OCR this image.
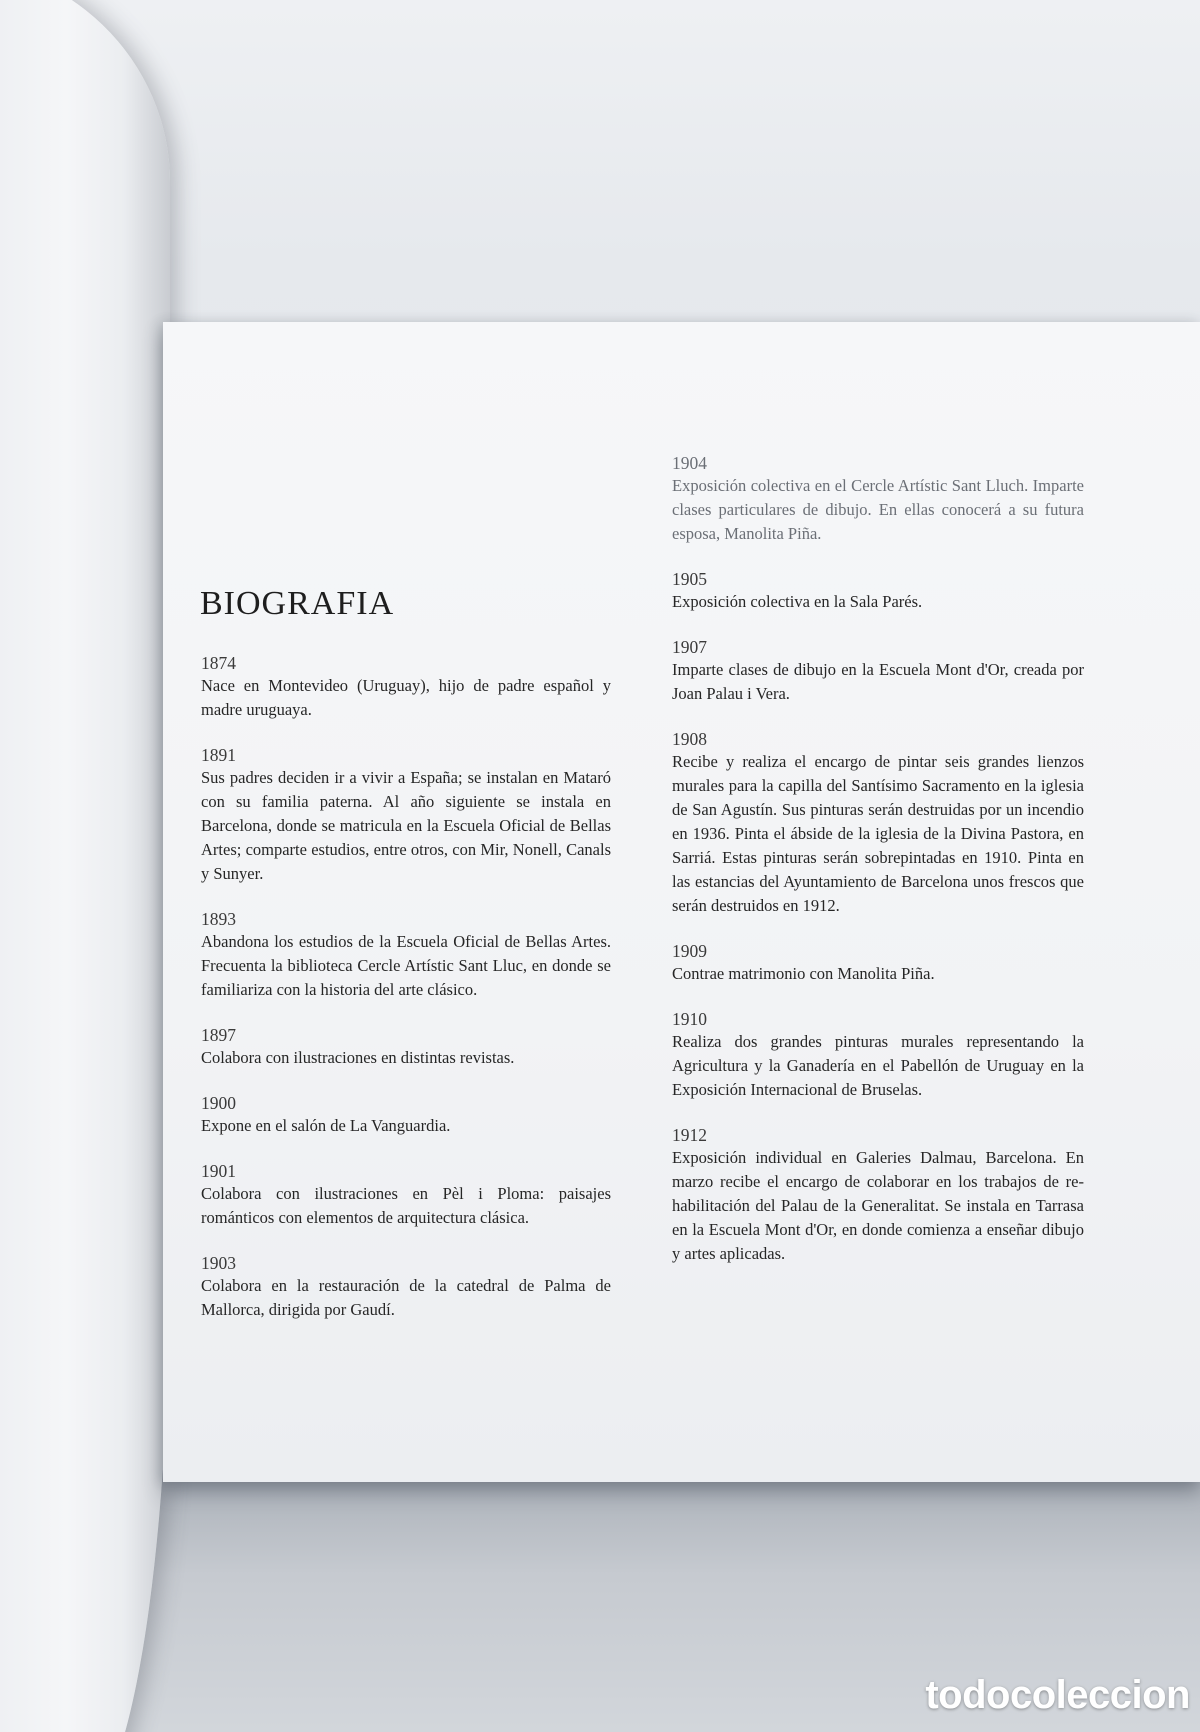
BIOGRAFIA

1874

Nace en Montevideo (Uruguay), hijo de padre español y madre uruguaya.

1891

Sus padres deciden ir a vivir a España; se instalan en Mataró con su familia paterna. Al año siguiente se instala en Barcelona, donde se matricula en la Escuela Oficial de Bellas Artes; comparte estudios, entre otros, con Mir, Nonell, Canals y Sunyer.

1893

Abandona los estudios de la Escuela Oficial de Bellas Artes. Frecuenta la biblioteca Cercle Artístic Sant Lluc, en donde se familiariza con la historia del arte clásico.

1897

Colabora con ilustraciones en distintas revistas.

1900

Expone en el salón de La Vanguardia.

1901

Colabora con ilustraciones en Pèl i Ploma: paisajes románticos con elementos de arquitectura clásica.

1903

Colabora en la restauración de la catedral de Palma de Mallorca, dirigida por Gaudí.

1904

Exposición colectiva en el Cercle Artístic Sant Lluch. Imparte clases particulares de dibujo. En ellas conocerá a su futura esposa, Manolita Piña.

1905

Exposición colectiva en la Sala Parés.

1907

Imparte clases de dibujo en la Escuela Mont d'Or, creada por Joan Palau i Vera.

1908

Recibe y realiza el encargo de pintar seis grandes lienzos murales para la capilla del Santísimo Sacramento en la iglesia de San Agustín. Sus pinturas serán destruidas por un incendio en 1936. Pinta el ábside de la iglesia de la Divina Pastora, en Sarriá. Estas pinturas serán sobrepintadas en 1910. Pinta en las estancias del Ayuntamiento de Barcelona unos frescos que serán destruidos en 1912.

1909

Contrae matrimonio con Manolita Piña.

1910

Realiza dos grandes pinturas murales representando la Agricultura y la Ganadería en el Pabellón de Uruguay en la Exposición Internacional de Bruselas.

1912

Exposición individual en Galeries Dalmau, Barcelona. En marzo recibe el encargo de colaborar en los trabajos de re-habilitación del Palau de la Generalitat. Se instala en Tarrasa en la Escuela Mont d'Or, en donde comienza a enseñar dibujo y artes aplicadas.

todocoleccion
